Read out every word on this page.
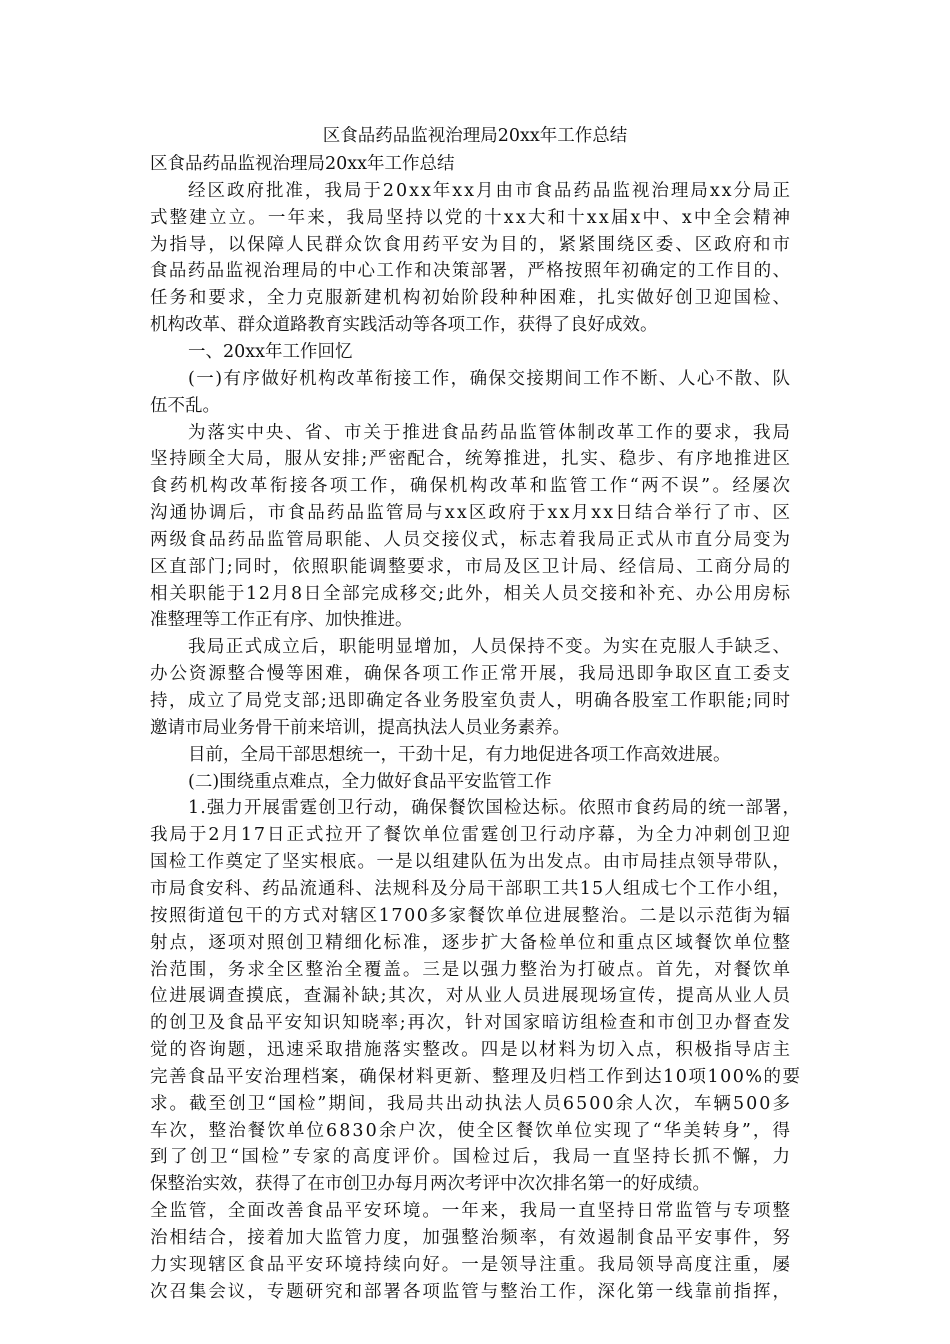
区食品药品监视治理局20xx年工作总结
区食品药品监视治理局20xx年工作总结
经区政府批准，我局于20xx年xx月由市食品药品监视治理局xx分局正
式整建立立。一年来，我局坚持以党的十xx大和十xx届x中、x中全会精神
为指导，以保障人民群众饮食用药平安为目的，紧紧围绕区委、区政府和市
食品药品监视治理局的中心工作和决策部署，严格按照年初确定的工作目的、
任务和要求，全力克服新建机构初始阶段种种困难，扎实做好创卫迎国检、
机构改革、群众道路教育实践活动等各项工作，获得了良好成效。
一、20xx年工作回忆
(一)有序做好机构改革衔接工作，确保交接期间工作不断、人心不散、队
伍不乱。
为落实中央、省、市关于推进食品药品监管体制改革工作的要求，我局
坚持顾全大局，服从安排;严密配合，统筹推进，扎实、稳步、有序地推进区
食药机构改革衔接各项工作，确保机构改革和监管工作“两不误”。经屡次
沟通协调后，市食品药品监管局与xx区政府于xx月xx日结合举行了市、区
两级食品药品监管局职能、人员交接仪式，标志着我局正式从市直分局变为
区直部门;同时，依照职能调整要求，市局及区卫计局、经信局、工商分局的
相关职能于12月8日全部完成移交;此外，相关人员交接和补充、办公用房标
准整理等工作正有序、加快推进。
我局正式成立后，职能明显增加，人员保持不变。为实在克服人手缺乏、
办公资源整合慢等困难，确保各项工作正常开展，我局迅即争取区直工委支
持，成立了局党支部;迅即确定各业务股室负责人，明确各股室工作职能;同时
邀请市局业务骨干前来培训，提高执法人员业务素养。
目前，全局干部思想统一，干劲十足，有力地促进各项工作高效进展。
(二)围绕重点难点，全力做好食品平安监管工作
1.强力开展雷霆创卫行动，确保餐饮国检达标。依照市食药局的统一部署，
我局于2月17日正式拉开了餐饮单位雷霆创卫行动序幕，为全力冲刺创卫迎
国检工作奠定了坚实根底。一是以组建队伍为出发点。由市局挂点领导带队，
市局食安科、药品流通科、法规科及分局干部职工共15人组成七个工作小组，
按照街道包干的方式对辖区1700多家餐饮单位进展整治。二是以示范街为辐
射点，逐项对照创卫精细化标准，逐步扩大备检单位和重点区域餐饮单位整
治范围，务求全区整治全覆盖。三是以强力整治为打破点。首先，对餐饮单
位进展调查摸底，查漏补缺;其次，对从业人员进展现场宣传，提高从业人员
的创卫及食品平安知识知晓率;再次，针对国家暗访组检查和市创卫办督查发
觉的咨询题，迅速采取措施落实整改。四是以材料为切入点，积极指导店主
完善食品平安治理档案，确保材料更新、整理及归档工作到达10项100%的要
求。截至创卫“国检”期间，我局共出动执法人员6500余人次，车辆500多
车次，整治餐饮单位6830余户次，使全区餐饮单位实现了“华美转身”，得
到了创卫“国检”专家的高度评价。国检过后，我局一直坚持长抓不懈，力
保整治实效，获得了在市创卫办每月两次考评中次次排名第一的好成绩。
全监管，全面改善食品平安环境。一年来，我局一直坚持日常监管与专项整
治相结合，接着加大监管力度，加强整治频率，有效遏制食品平安事件，努
力实现辖区食品平安环境持续向好。一是领导注重。我局领导高度注重，屡
次召集会议，专题研究和部署各项监管与整治工作，深化第一线靠前指挥，
